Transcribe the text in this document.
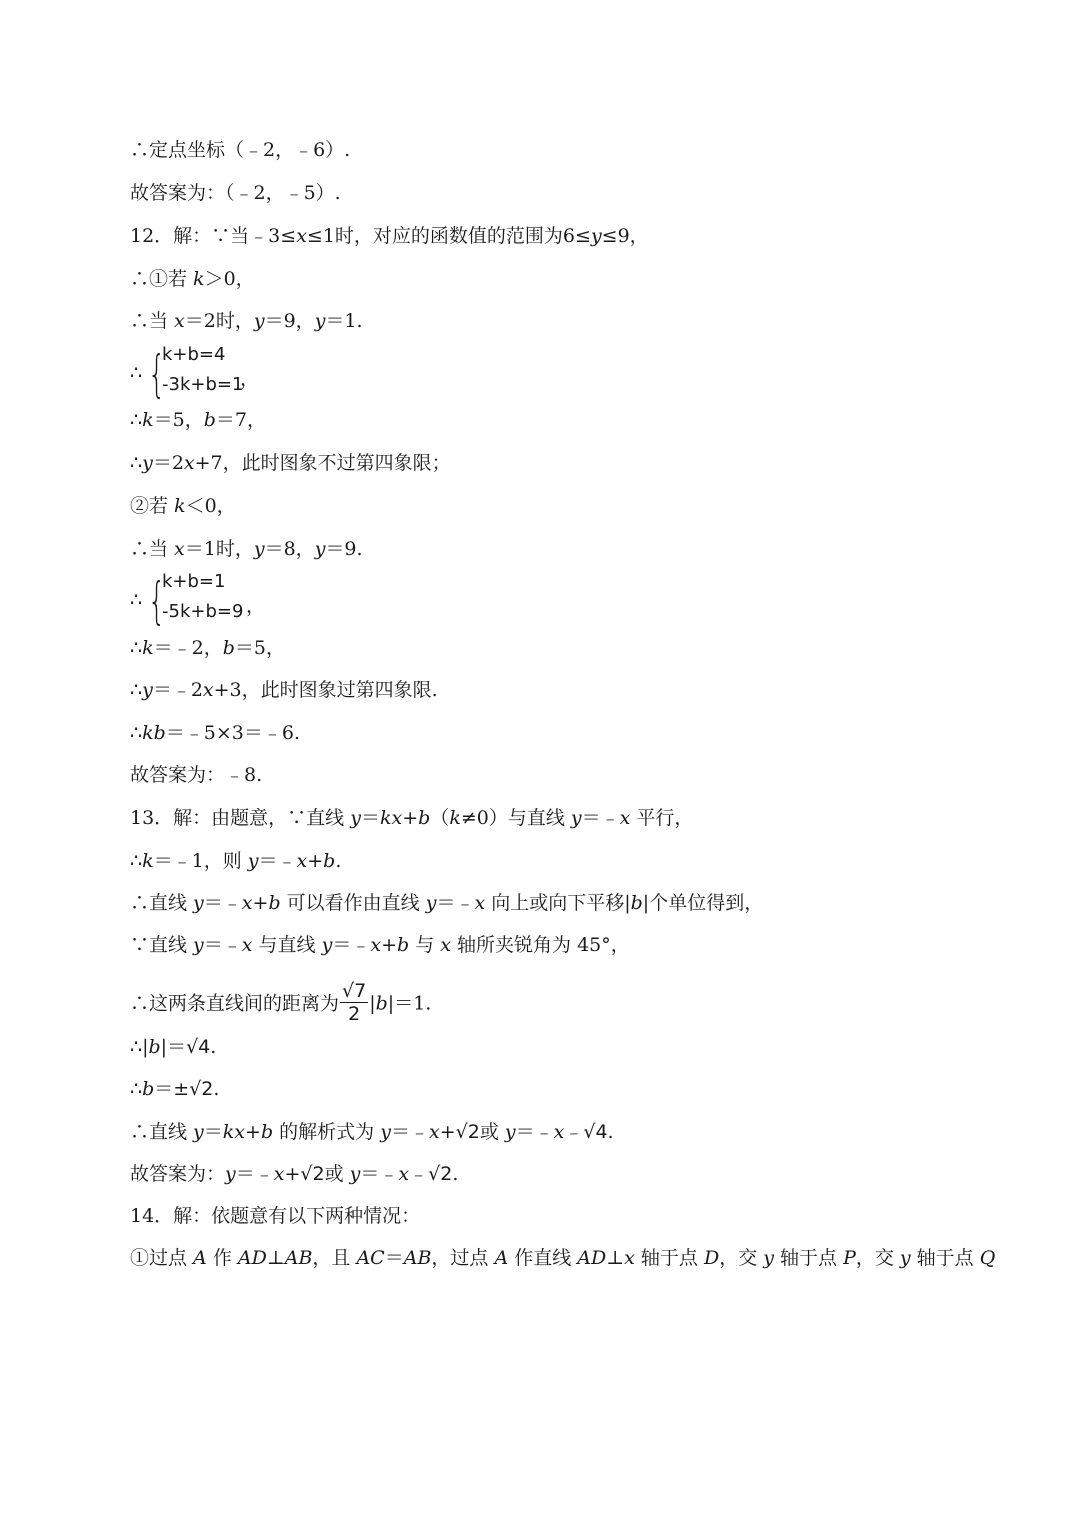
∴定点坐标（﹣2，﹣6）.
故答案为：（﹣2，﹣5）.
12．解：∵当﹣3≤x≤1时，对应的函数值的范围为6≤y≤9，
∴①若 k＞0，
∴当 x＝2时，y＝9，y＝1.
∴ {
k+b=4
-3k+b=1
，
∴k＝5，b＝7，
∴y＝2x+7，此时图象不过第四象限；
②若 k＜0，
∴当 x＝1时，y＝8，y＝9.
∴ {
k+b=1
-5k+b=9 ，
∴k＝﹣2，b＝5，
∴y＝﹣2x+3，此时图象过第四象限.
∴kb＝﹣5×3＝﹣6.
故答案为：﹣8.
13．解：由题意，∵直线 y＝kx+b（k≠0）与直线 y＝﹣x 平行，
∴k＝﹣1，则 y＝﹣x+b.
∴直线 y＝﹣x+b 可以看作由直线 y＝﹣x 向上或向下平移|b|个单位得到，
∵直线 y＝﹣x 与直线 y＝﹣x+b 与 x 轴所夹锐角为 45°，
∴这两条直线间的距离为 $\frac{√7}{2} |b|=1$.
∴|b|＝√4.
∴b＝±√2.
∴直线 y＝kx+b 的解析式为 y＝﹣x+√2或 y＝﹣x﹣√4.
故答案为：y＝﹣x+√2或 y＝﹣x﹣√2.
14．解：依题意有以下两种情况：
①过点 A 作 AD⊥AB，且 AC＝AB，过点 A 作直线 AD⊥x 轴于点 D，交 y 轴于点 P，交 y 轴于点 Q
